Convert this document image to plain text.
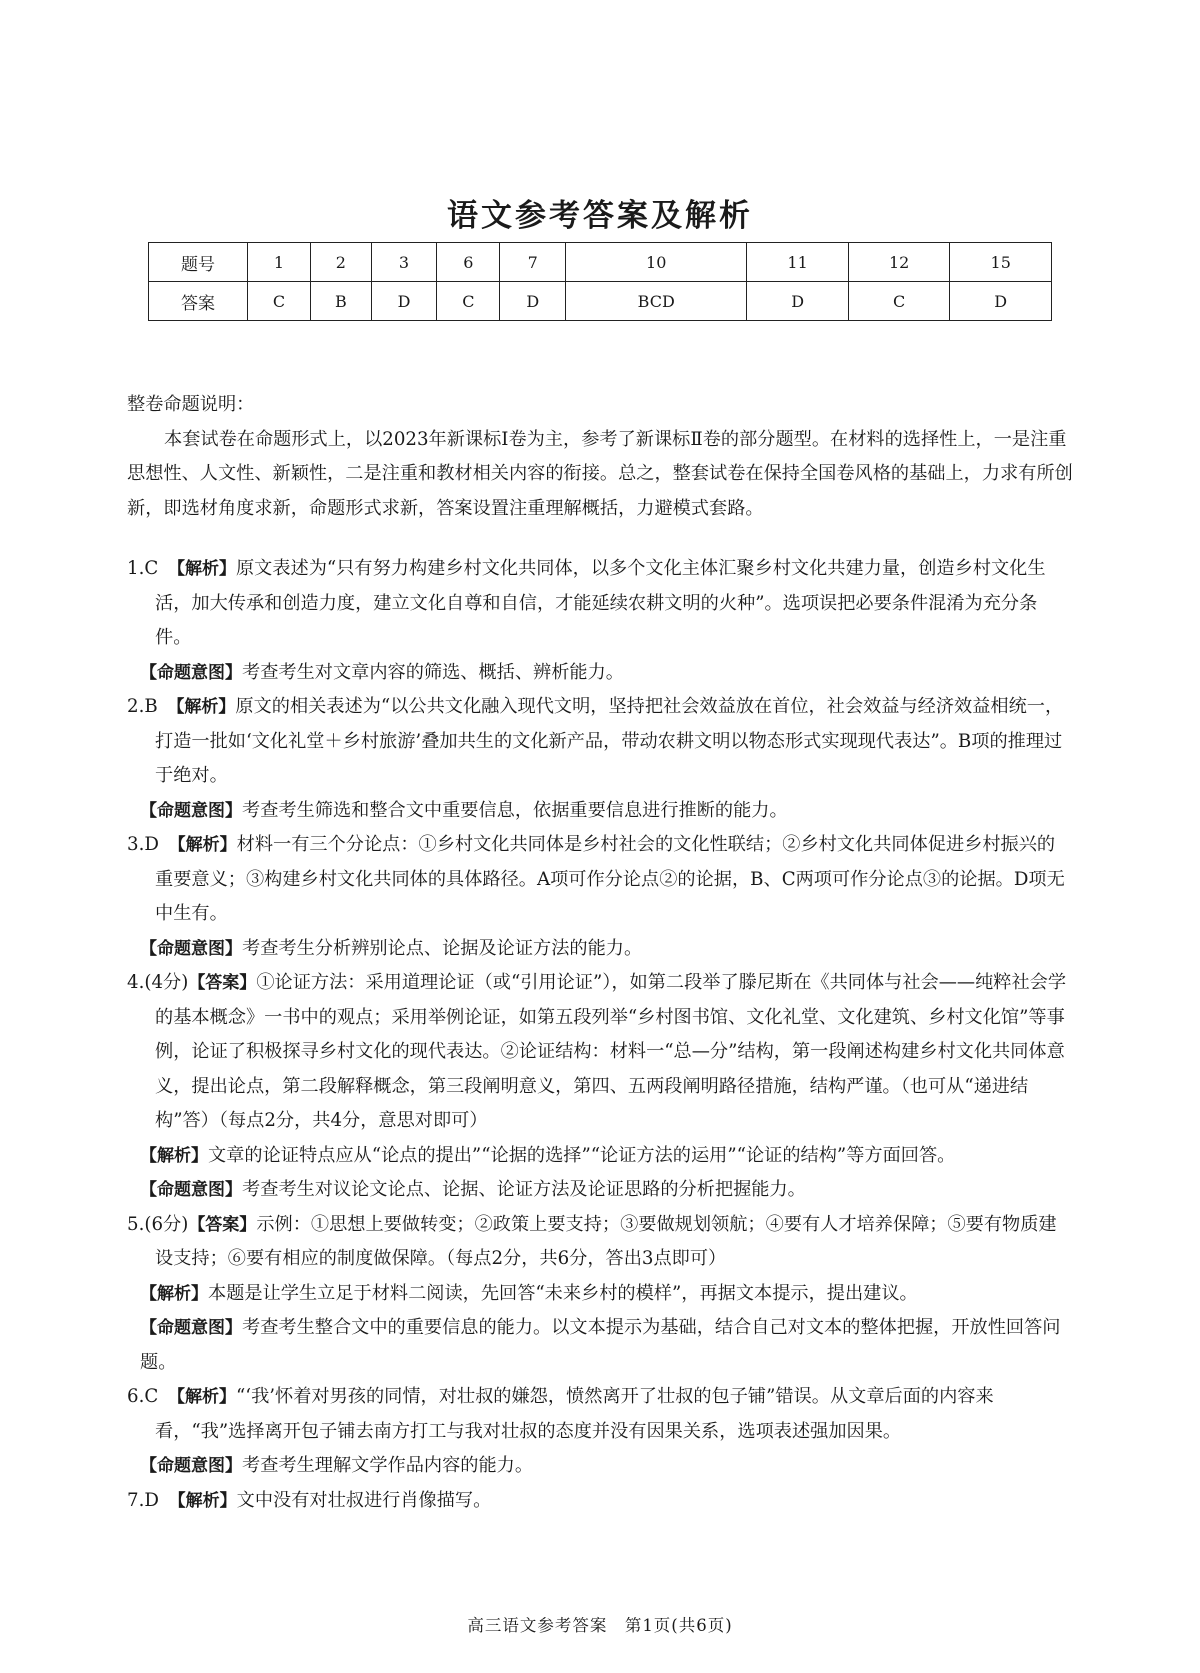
语文参考答案及解析
题号	1	2	3	6	7	10	11	12	15
答案	C	B	D	C	D	BCD	D	C	D

整卷命题说明：

本套试卷在命题形式上，以2023年新课标Ⅰ卷为主，参考了新课标Ⅱ卷的部分题型。在材料的选择性上，一是注重思想性、人文性、新颖性，二是注重和教材相关内容的衔接。总之，整套试卷在保持全国卷风格的基础上，力求有所创新，即选材角度求新，命题形式求新，答案设置注重理解概括，力避模式套路。

1.C　 【解析】原文表述为“只有努力构建乡村文化共同体，以多个文化主体汇聚乡村文化共建力量，创造乡村文化生活，加大传承和创造力度，建立文化自尊和自信，才能延续农耕文明的火种”。选项误把必要条件混淆为充分条件。

【命题意图】考查考生对文章内容的筛选、概括、辨析能力。

2.B　 【解析】原文的相关表述为“以公共文化融入现代文明，坚持把社会效益放在首位，社会效益与经济效益相统一，打造一批如‘文化礼堂＋乡村旅游’叠加共生的文化新产品，带动农耕文明以物态形式实现现代表达”。B项的推理过于绝对。

【命题意图】考查考生筛选和整合文中重要信息，依据重要信息进行推断的能力。

3.D　 【解析】材料一有三个分论点：①乡村文化共同体是乡村社会的文化性联结；②乡村文化共同体促进乡村振兴的重要意义；③构建乡村文化共同体的具体路径。A项可作分论点②的论据，B、C两项可作分论点③的论据。D项无中生有。

【命题意图】考查考生分析辨别论点、论据及论证方法的能力。

4.(4分)【答案】①论证方法：采用道理论证（或“引用论证”），如第二段举了滕尼斯在《共同体与社会——纯粹社会学的基本概念》一书中的观点；采用举例论证，如第五段列举“乡村图书馆、文化礼堂、文化建筑、乡村文化馆”等事例，论证了积极探寻乡村文化的现代表达。②论证结构：材料一“总—分”结构，第一段阐述构建乡村文化共同体意义，提出论点，第二段解释概念，第三段阐明意义，第四、五两段阐明路径措施，结构严谨。（也可从“递进结构”答）（每点2分，共4分，意思对即可）

【解析】文章的论证特点应从“论点的提出”“论据的选择”“论证方法的运用”“论证的结构”等方面回答。

【命题意图】考查考生对议论文论点、论据、论证方法及论证思路的分析把握能力。

5.(6分)【答案】示例：①思想上要做转变；②政策上要支持；③要做规划领航；④要有人才培养保障；⑤要有物质建设支持；⑥要有相应的制度做保障。（每点2分，共6分，答出3点即可）

【解析】本题是让学生立足于材料二阅读，先回答“未来乡村的模样”，再据文本提示，提出建议。

【命题意图】考查考生整合文中的重要信息的能力。以文本提示为基础，结合自己对文本的整体把握，开放性回答问题。

6.C　 【解析】“‘我’怀着对男孩的同情，对壮叔的嫌怨，愤然离开了壮叔的包子铺”错误。从文章后面的内容来看，“我”选择离开包子铺去南方打工与我对壮叔的态度并没有因果关系，选项表述强加因果。

【命题意图】考查考生理解文学作品内容的能力。

7.D　 【解析】文中没有对壮叔进行肖像描写。

高三语文参考答案　第1页(共6页)
